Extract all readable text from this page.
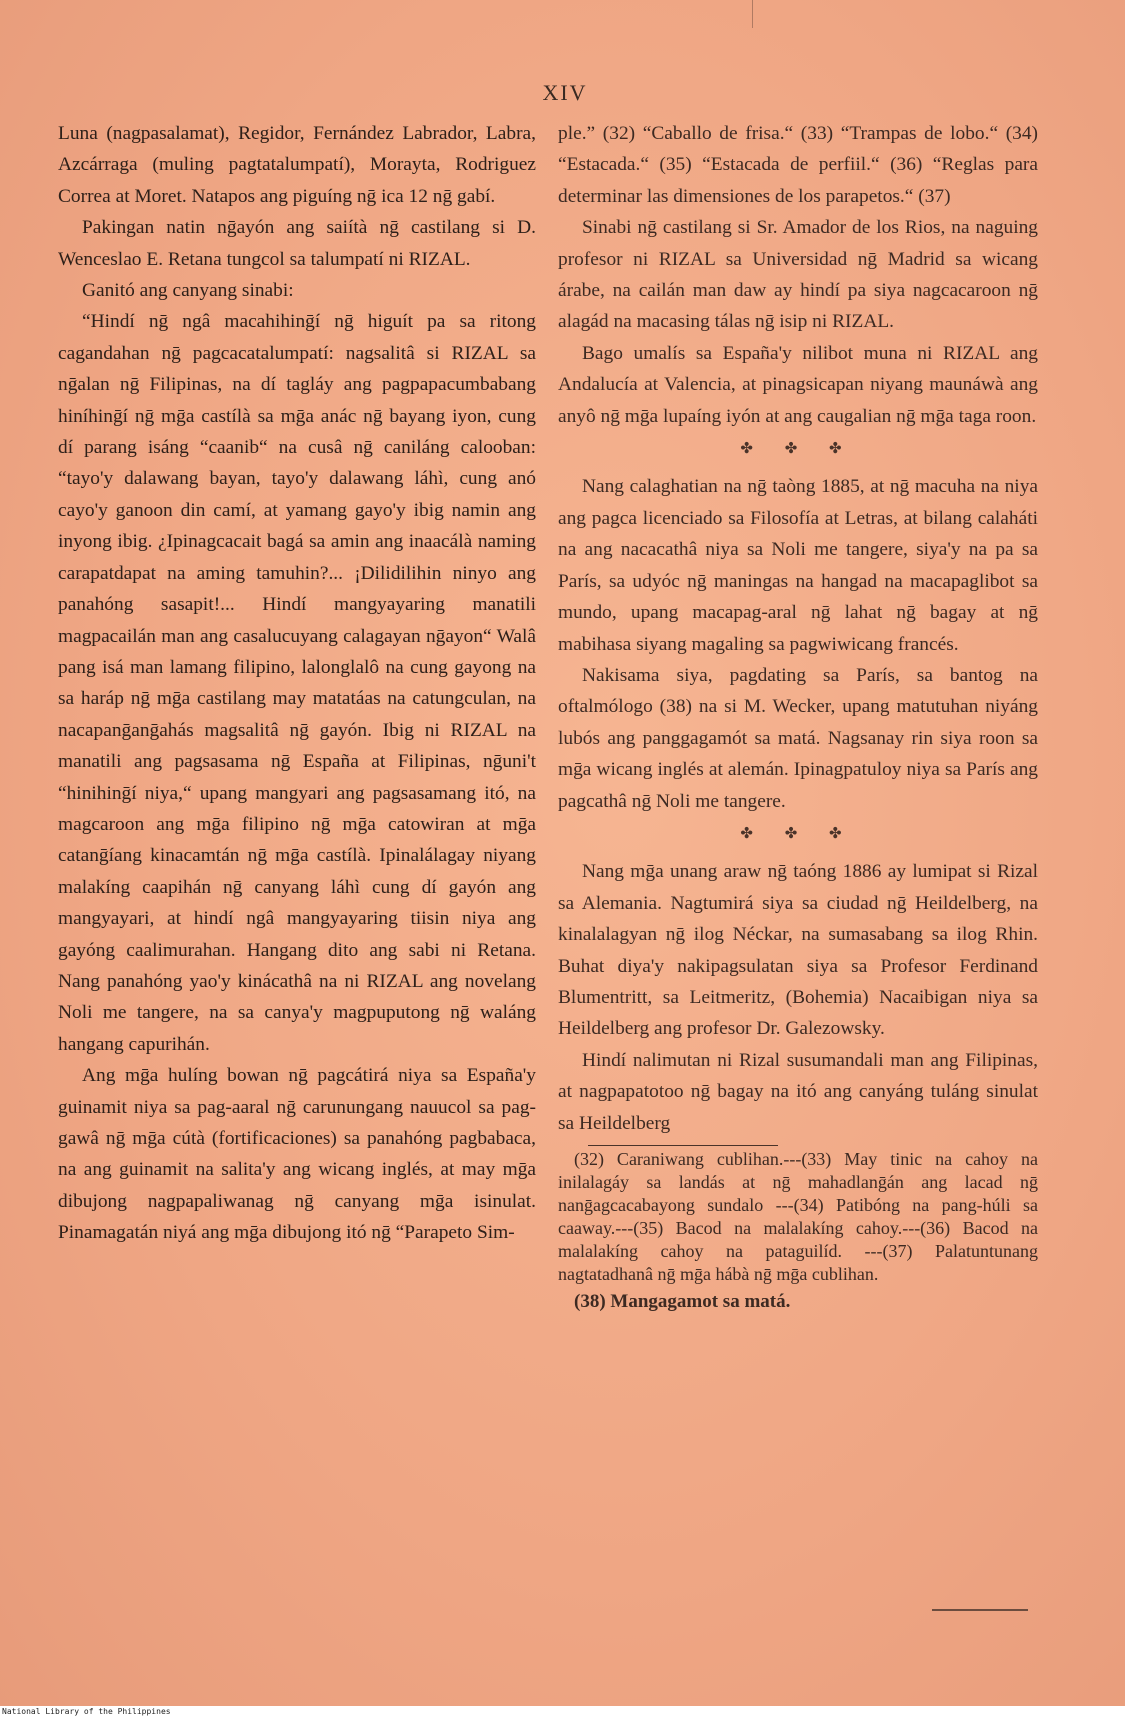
XIV

Luna (nagpasalamat), Regidor, Fernández Labrador, Labra, Azcárraga (muling pagtatalumpatí), Morayta, Rodriguez Correa at Moret. Natapos ang piguíng nḡ ica 12 nḡ gabí.

Pakingan natin nḡayón ang saiítà nḡ castilang si D. Wenceslao E. Retana tungcol sa talumpatí ni RIZAL.

Ganitó ang canyang sinabi:

“Hindí nḡ ngâ macahihinḡí nḡ higuít pa sa ritong cagandahan nḡ pagcacatalumpatí: nagsalitâ si RIZAL sa nḡalan nḡ Filipinas, na dí tagláy ang pagpapacumbabang hiníhinḡí nḡ mḡa castílà sa mḡa anác nḡ bayang iyon, cung dí parang isáng “caanib“ na cusâ nḡ caniláng calooban: “tayo'y dalawang bayan, tayo'y dalawang láhì, cung anó cayo'y ganoon din camí, at yamang gayo'y ibig namin ang inyong ibig. ¿Ipinagcacait bagá sa amin ang inaacálà naming carapatdapat na aming tamuhin?... ¡Dilidilihin ninyo ang panahóng sasapit!... Hindí mangyayaring manatili magpacailán man ang casalucuyang calagayan nḡayon“ Walâ pang isá man lamang filipino, lalonglalô na cung gayong na sa haráp nḡ mḡa castilang may matatáas na catungculan, na nacapanḡanḡahás magsalitâ nḡ gayón. Ibig ni RIZAL na manatili ang pagsasama nḡ España at Filipinas, nḡuni't “hinihinḡí niya,“ upang mangyari ang pagsasamang itó, na magcaroon ang mḡa filipino nḡ mḡa catowiran at mḡa catanḡíang kinacamtán nḡ mḡa castílà. Ipinalálagay niyang malakíng caapihán nḡ canyang láhì cung dí gayón ang mangyayari, at hindí ngâ mangyayaring tiisin niya ang gayóng caalimurahan. Hangang dito ang sabi ni Retana. Nang panahóng yao'y kinácathâ na ni RIZAL ang novelang Noli me tangere, na sa canya'y magpuputong nḡ waláng hangang capurihán.

Ang mḡa hulíng bowan nḡ pagcátirá niya sa España'y guinamit niya sa pag-aaral nḡ carunungang nauucol sa pag-gawâ nḡ mḡa cútà (fortificaciones) sa panahóng pagbabaca, na ang guinamit na salita'y ang wicang inglés, at may mḡa dibujong nagpapaliwanag nḡ canyang mḡa isinulat. Pinamagatán niyá ang mḡa dibujong itó nḡ “Parapeto Sim-

ple.” (32) “Caballo de frisa.“ (33) “Trampas de lobo.“ (34) “Estacada.“ (35) “Estacada de perfiil.“ (36) “Reglas para determinar las dimensiones de los parapetos.“ (37)

Sinabi nḡ castilang si Sr. Amador de los Rios, na naguing profesor ni RIZAL sa Universidad nḡ Madrid sa wicang árabe, na cailán man daw ay hindí pa siya nagcacaroon nḡ alagád na macasing tálas nḡ isip ni RIZAL.

Bago umalís sa España'y nilibot muna ni RIZAL ang Andalucía at Valencia, at pinagsicapan niyang maunáwà ang anyô nḡ mḡa lupaíng iyón at ang caugalian nḡ mḡa taga roon.

✤ ✤ ✤

Nang calaghatian na nḡ taòng 1885, at nḡ macuha na niya ang pagca licenciado sa Filosofía at Letras, at bilang calaháti na ang nacacathâ niya sa Noli me tangere, siya'y na pa sa París, sa udyóc nḡ maningas na hangad na macapaglibot sa mundo, upang macapag-aral nḡ lahat nḡ bagay at nḡ mabihasa siyang magaling sa pagwiwicang francés.

Nakisama siya, pagdating sa París, sa bantog na oftalmólogo (38) na si M. Wecker, upang matutuhan niyáng lubós ang panggagamót sa matá. Nagsanay rin siya roon sa mḡa wicang inglés at alemán. Ipinagpatuloy niya sa París ang pagcathâ nḡ Noli me tangere.

✤ ✤ ✤

Nang mḡa unang araw nḡ taóng 1886 ay lumipat si Rizal sa Alemania. Nagtumirá siya sa ciudad nḡ Heildelberg, na kinalalagyan nḡ ilog Néckar, na sumasabang sa ilog Rhin. Buhat diya'y nakipagsulatan siya sa Profesor Ferdinand Blumentritt, sa Leitmeritz, (Bohemia) Nacaibigan niya sa Heildelberg ang profesor Dr. Galezowsky.

Hindí nalimutan ni Rizal susumandali man ang Filipinas, at nagpapatotoo nḡ bagay na itó ang canyáng tuláng sinulat sa Heildelberg

(32) Caraniwang cublihan.---(33) May tinic na cahoy na inilalagáy sa landás at nḡ mahadlanḡán ang lacad nḡ nanḡagcacabayong sundalo ---(34) Patibóng na pang-húli sa caaway.---(35) Bacod na malalakíng cahoy.---(36) Bacod na malalakíng cahoy na pataguilíd. ---(37) Palatuntunang nagtatadhanâ nḡ mḡa hábà nḡ mḡa cublihan.

(38) Mangagamot sa matá.

National Library of the Philippines
